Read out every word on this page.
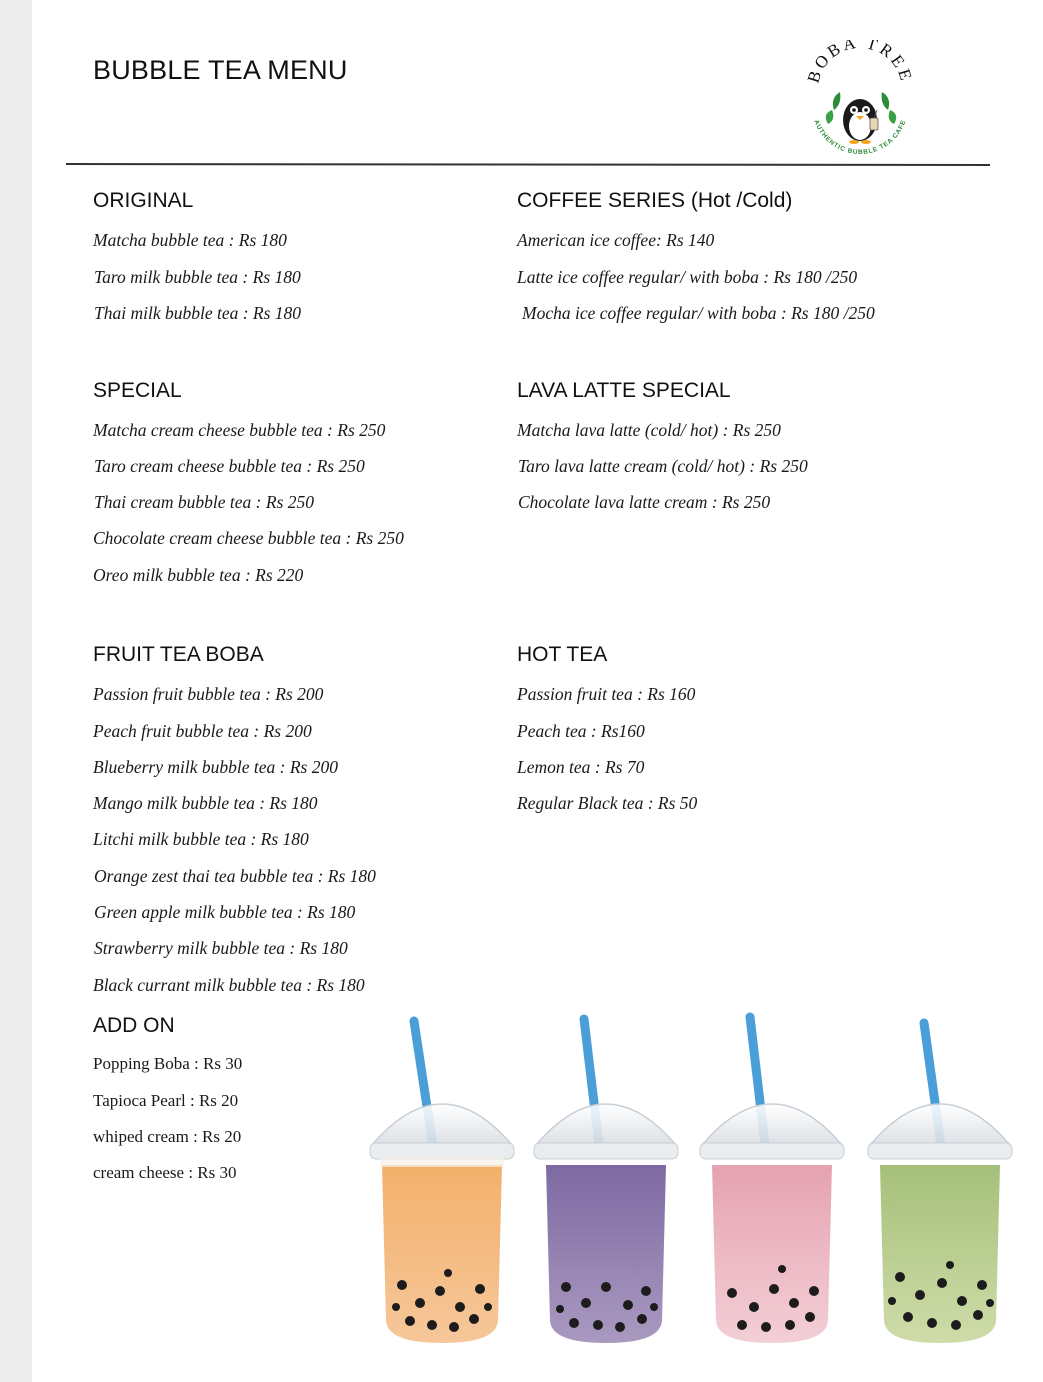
BUBBLE TEA MENU	BOBA TREE
AUTHENTIC BUBBLE TEA CAFE
ORIGINAL
Matcha bubble tea : Rs 180
Taro milk bubble tea : Rs 180
Thai milk bubble tea : Rs 180
COFFEE SERIES (Hot /Cold)
American ice coffee: Rs 140
Latte ice coffee regular/ with boba : Rs 180 /250
Mocha ice coffee regular/ with boba : Rs 180 /250
SPECIAL
Matcha cream cheese bubble tea : Rs 250
Taro cream cheese bubble tea : Rs 250
Thai cream bubble tea : Rs 250
Chocolate cream cheese bubble tea : Rs 250
Oreo milk bubble tea : Rs 220
LAVA LATTE SPECIAL
Matcha lava latte (cold/ hot) : Rs 250
Taro lava latte cream (cold/ hot) : Rs 250
Chocolate lava latte cream : Rs 250
FRUIT TEA BOBA
Passion fruit bubble tea : Rs 200
Peach fruit bubble tea : Rs 200
Blueberry milk bubble tea : Rs 200
Mango milk bubble tea : Rs 180
Litchi milk bubble tea : Rs 180
Orange zest thai tea bubble tea : Rs 180
Green apple milk bubble tea : Rs 180
Strawberry milk bubble tea : Rs 180
Black currant milk bubble tea : Rs 180
HOT TEA
Passion fruit tea : Rs 160
Peach tea : Rs160
Lemon tea : Rs 70
Regular Black tea : Rs 50
ADD ON
Popping Boba : Rs 30
Tapioca Pearl : Rs 20
whiped cream : Rs 20
cream cheese : Rs 30
